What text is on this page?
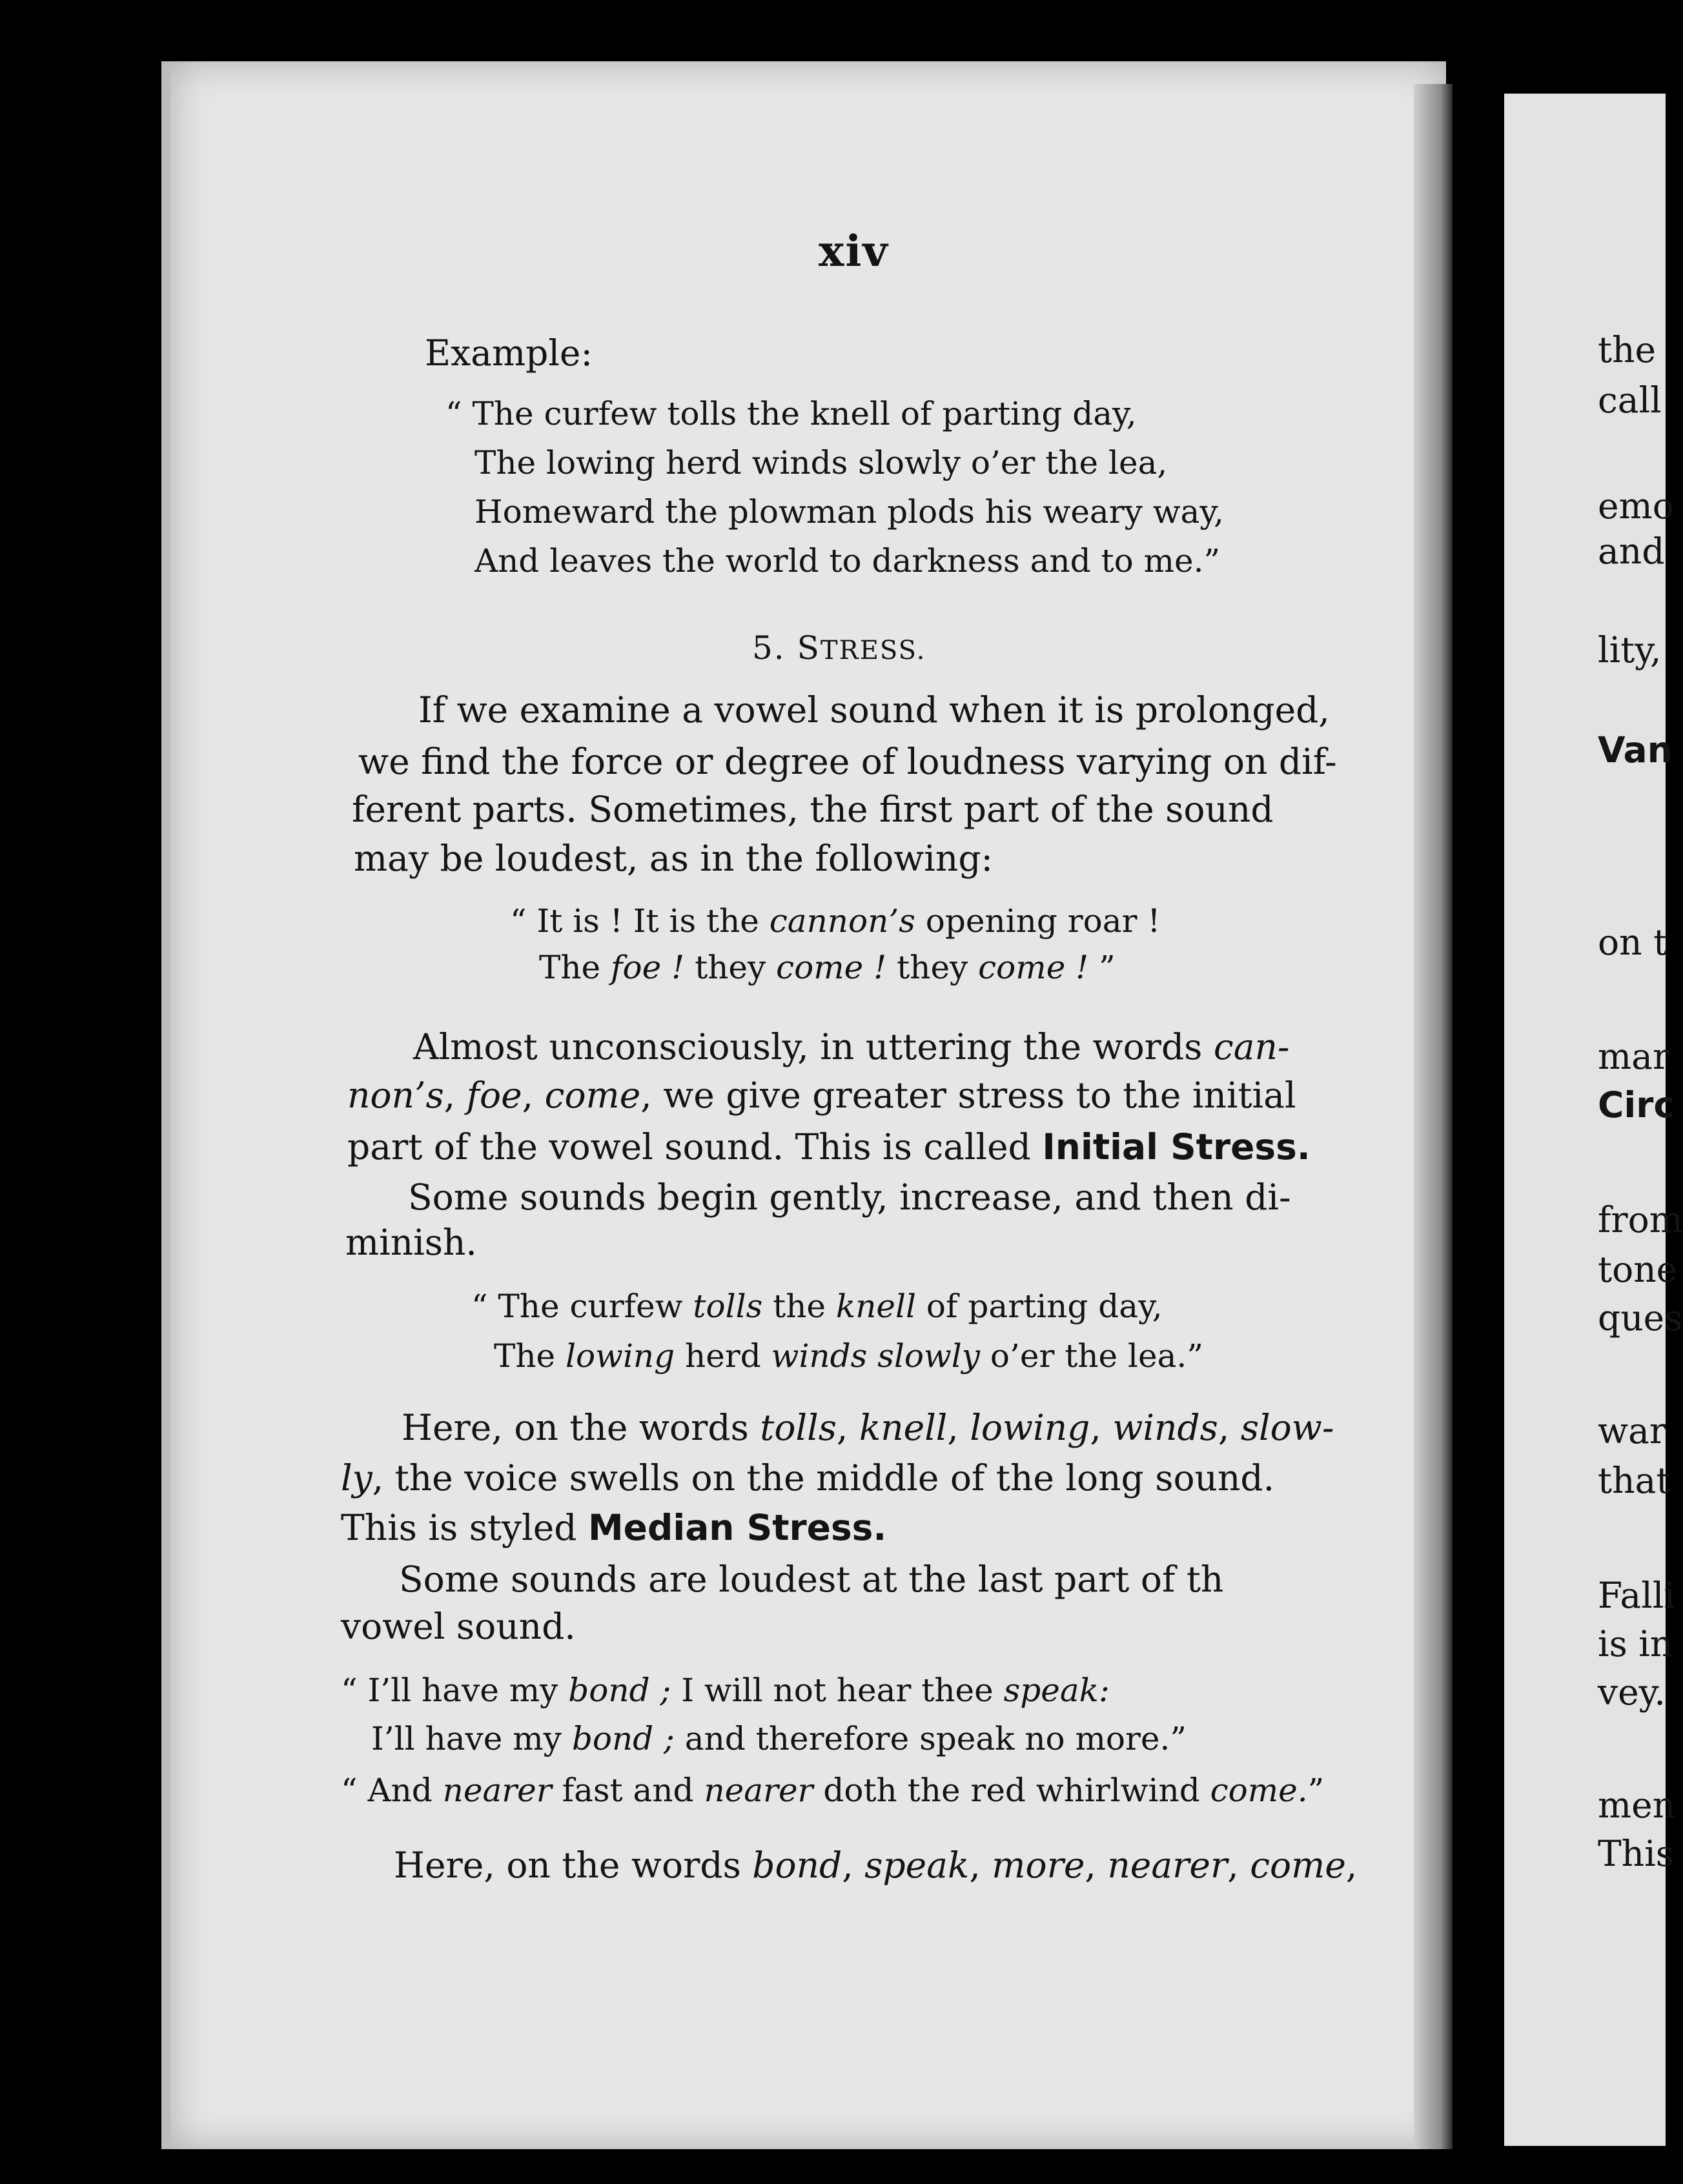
xiv
Example:
“ The curfew tolls the knell of parting day,
The lowing herd winds slowly o’er the lea,
Homeward the plowman plods his weary way,
And leaves the world to darkness and to me.”
5. STRESS.
If we examine a vowel sound when it is prolonged,
we find the force or degree of loudness varying on dif-
ferent parts. Sometimes, the first part of the sound
may be loudest, as in the following:
“ It is ! It is the cannon’s opening roar !
The foe ! they come ! they come ! ”
Almost unconsciously, in uttering the words can-
non’s, foe, come, we give greater stress to the initial
part of the vowel sound. This is called Initial Stress.
Some sounds begin gently, increase, and then di-
minish.
“ The curfew tolls the knell of parting day,
The lowing herd winds slowly o’er the lea.”
Here, on the words tolls, knell, lowing, winds, slow-
ly, the voice swells on the middle of the long sound.
This is styled Median Stress.
Some sounds are loudest at the last part of th
vowel sound.
“ I’ll have my bond ; I will not hear thee speak:
I’ll have my bond ; and therefore speak no more.”
“ And nearer fast and nearer doth the red whirlwind come.”
Here, on the words bond, speak, more, nearer, come,
the
call
emo
and
lity,
Van
on t
mar
Circ
from
tone
ques
war
that
Falli
is in
vey.
men
This
